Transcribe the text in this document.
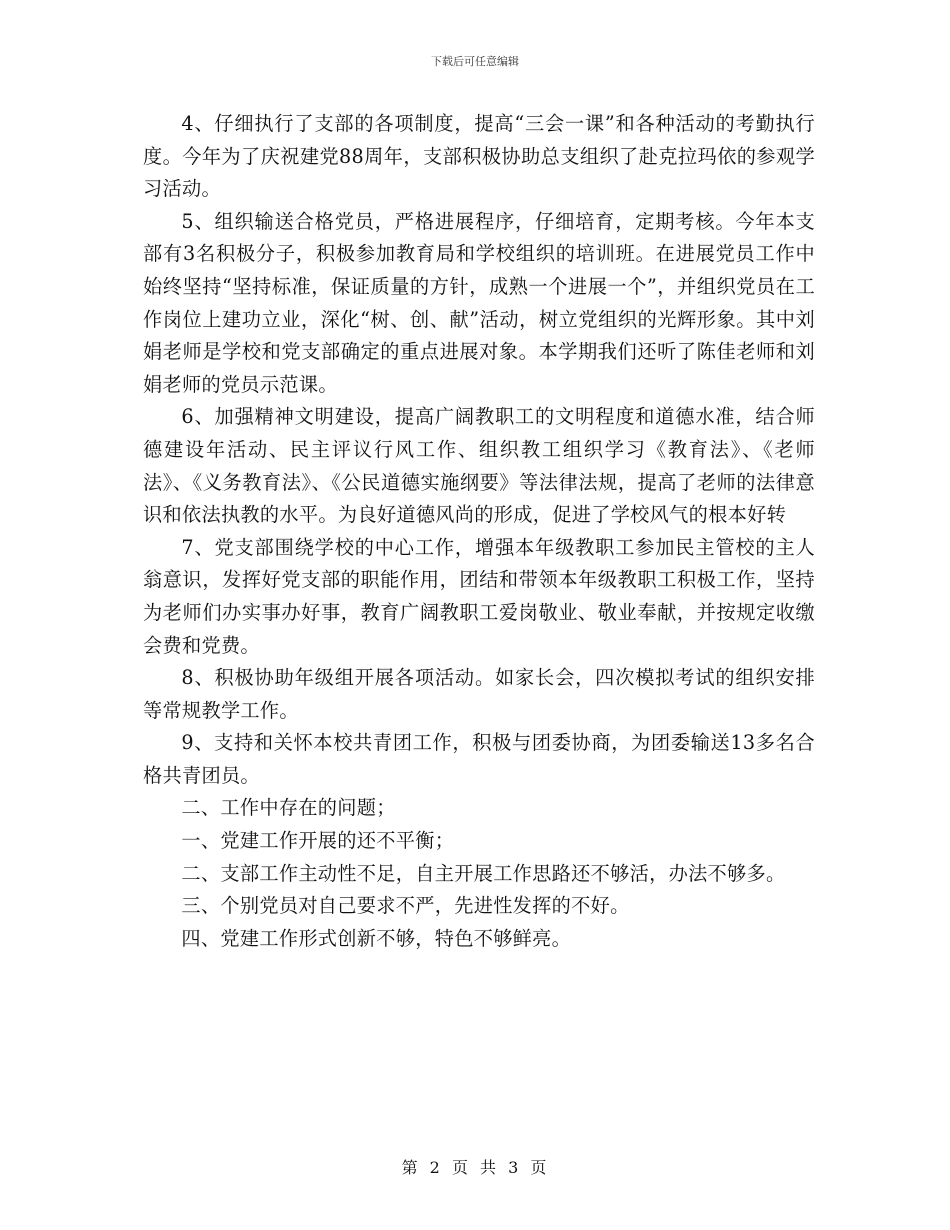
下载后可任意编辑

4、仔细执行了支部的各项制度，提高“三会一课”和各种活动的考勤执行度。今年为了庆祝建党88周年，支部积极协助总支组织了赴克拉玛依的参观学习活动。

5、组织输送合格党员，严格进展程序，仔细培育，定期考核。今年本支部有3名积极分子，积极参加教育局和学校组织的培训班。在进展党员工作中始终坚持“坚持标准，保证质量的方针，成熟一个进展一个”，并组织党员在工作岗位上建功立业，深化“树、创、献”活动，树立党组织的光辉形象。其中刘娟老师是学校和党支部确定的重点进展对象。本学期我们还听了陈佳老师和刘娟老师的党员示范课。

6、加强精神文明建设，提高广阔教职工的文明程度和道德水准，结合师德建设年活动、民主评议行风工作、组织教工组织学习《教育法》、《老师法》、《义务教育法》、《公民道德实施纲要》等法律法规，提高了老师的法律意识和依法执教的水平。为良好道德风尚的形成，促进了学校风气的根本好转

7、党支部围绕学校的中心工作，增强本年级教职工参加民主管校的主人翁意识，发挥好党支部的职能作用，团结和带领本年级教职工积极工作，坚持为老师们办实事办好事，教育广阔教职工爱岗敬业、敬业奉献，并按规定收缴会费和党费。

8、积极协助年级组开展各项活动。如家长会，四次模拟考试的组织安排等常规教学工作。

9、支持和关怀本校共青团工作，积极与团委协商，为团委输送13多名合格共青团员。

二、工作中存在的问题；

一、党建工作开展的还不平衡；

二、支部工作主动性不足，自主开展工作思路还不够活，办法不够多。

三、个别党员对自己要求不严，先进性发挥的不好。

四、党建工作形式创新不够，特色不够鲜亮。

第 2 页 共 3 页
